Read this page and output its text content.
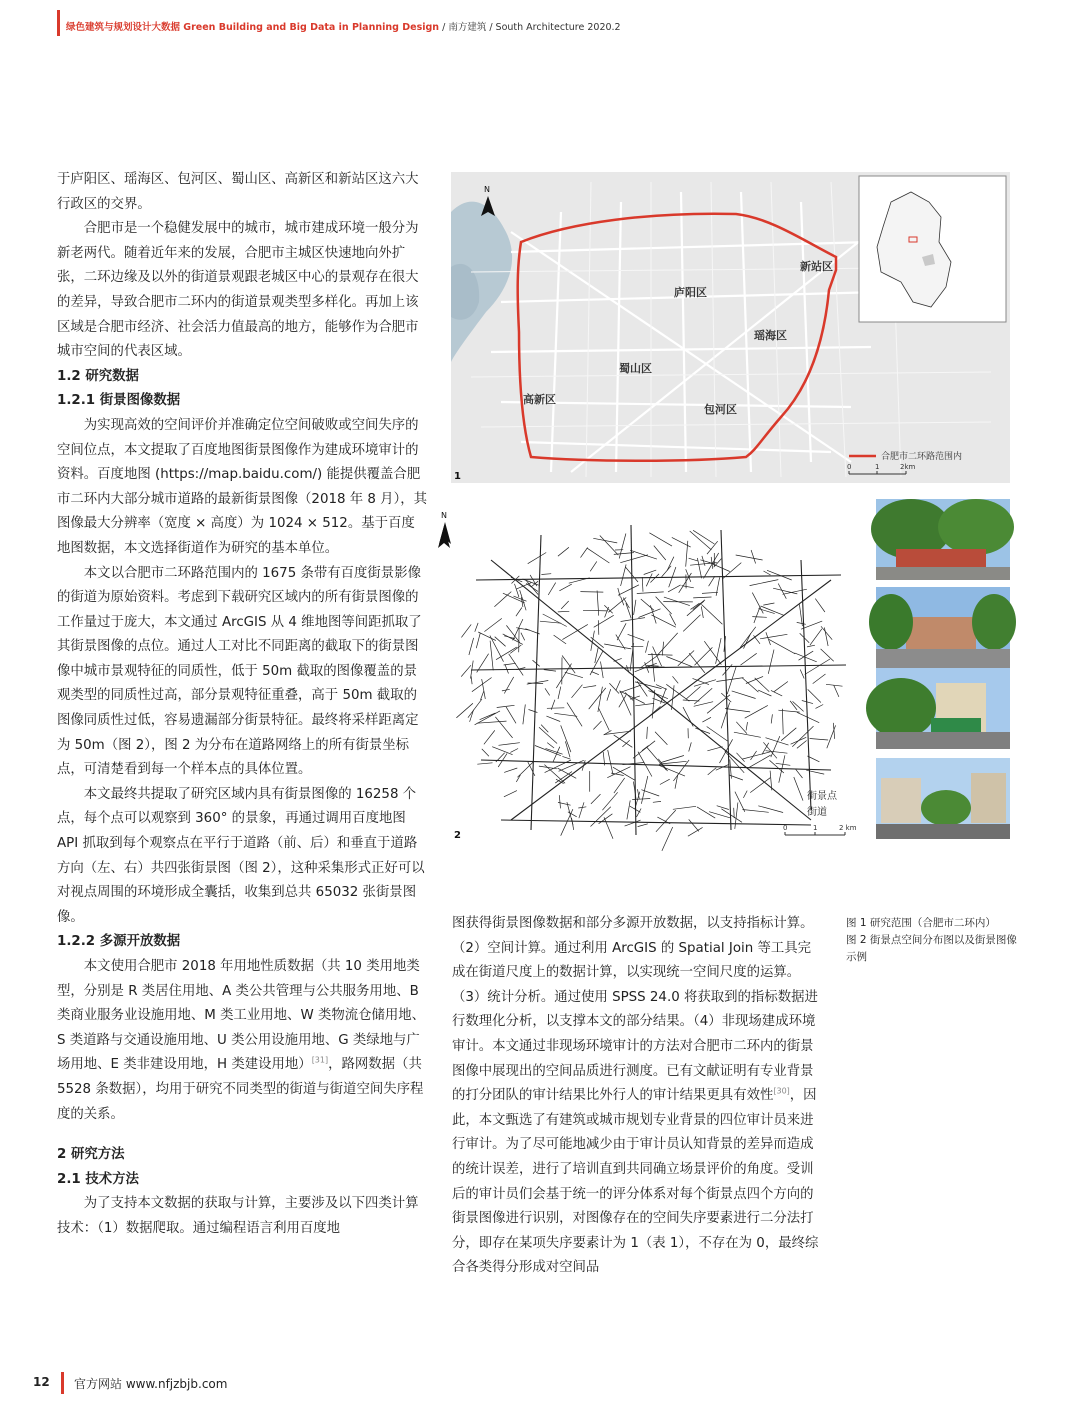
绿色建筑与规划设计大数据 Green Building and Big Data in Planning Design / 南方建筑 / South Architecture 2020.2

于庐阳区、瑶海区、包河区、蜀山区、高新区和新站区这六大行政区的交界。

合肥市是一个稳健发展中的城市，城市建成环境一般分为新老两代。随着近年来的发展，合肥市主城区快速地向外扩张，二环边缘及以外的街道景观跟老城区中心的景观存在很大的差异，导致合肥市二环内的街道景观类型多样化。再加上该区域是合肥市经济、社会活力值最高的地方，能够作为合肥市城市空间的代表区域。

1.2 研究数据

1.2.1 街景图像数据

为实现高效的空间评价并准确定位空间破败或空间失序的空间位点，本文提取了百度地图街景图像作为建成环境审计的资料。百度地图 (https://map.baidu.com/) 能提供覆盖合肥市二环内大部分城市道路的最新街景图像（2018 年 8 月），其图像最大分辨率（宽度 × 高度）为 1024 × 512。基于百度地图数据，本文选择街道作为研究的基本单位。

本文以合肥市二环路范围内的 1675 条带有百度街景影像的街道为原始资料。考虑到下载研究区域内的所有街景图像的工作量过于庞大，本文通过 ArcGIS 从 4 维地图等间距抓取了其街景图像的点位。通过人工对比不同距离的截取下的街景图像中城市景观特征的同质性，低于 50m 截取的图像覆盖的景观类型的同质性过高，部分景观特征重叠，高于 50m 截取的图像同质性过低，容易遗漏部分街景特征。最终将采样距离定为 50m（图 2），图 2 为分布在道路网络上的所有街景坐标点，可清楚看到每一个样本点的具体位置。

本文最终共提取了研究区域内具有街景图像的 16258 个点，每个点可以观察到 360° 的景象，再通过调用百度地图 API 抓取到每个观察点在平行于道路（前、后）和垂直于道路方向（左、右）共四张街景图（图 2），这种采集形式正好可以对视点周围的环境形成全囊括，收集到总共 65032 张街景图像。

1.2.2 多源开放数据

本文使用合肥市 2018 年用地性质数据（共 10 类用地类型，分别是 R 类居住用地、A 类公共管理与公共服务用地、B 类商业服务业设施用地、M 类工业用地、W 类物流仓储用地、S 类道路与交通设施用地、U 类公用设施用地、G 类绿地与广场用地、E 类非建设用地，H 类建设用地）[31]，路网数据（共 5528 条数据），均用于研究不同类型的街道与街道空间失序程度的关系。

2 研究方法

2.1 技术方法

为了支持本文数据的获取与计算，主要涉及以下四类计算技术：（1）数据爬取。通过编程语言利用百度地

图获得街景图像数据和部分多源开放数据，以支持指标计算。（2）空间计算。通过利用 ArcGIS 的 Spatial Join 等工具完成在街道尺度上的数据计算，以实现统一空间尺度的运算。（3）统计分析。通过使用 SPSS 24.0 将获取到的指标数据进行数理化分析，以支撑本文的部分结果。（4）非现场建成环境审计。本文通过非现场环境审计的方法对合肥市二环内的街景图像中展现出的空间品质进行测度。已有文献证明有专业背景的打分团队的审计结果比外行人的审计结果更具有效性[30]，因此，本文甄选了有建筑或城市规划专业背景的四位审计员来进行审计。为了尽可能地减少由于审计员认知背景的差异而造成的统计误差，进行了培训直到共同确立场景评价的角度。受训后的审计员们会基于统一的评分体系对每个街景点四个方向的街景图像进行识别，对图像存在的空间失序要素进行二分法打分，即存在某项失序要素计为 1（表 1），不存在为 0，最终综合各类得分形成对空间品

N
庐阳区
瑶海区
蜀山区
高新区
包河区
新站区
合肥市二环路范围内
0	1	2km
1
N
街景点
街道
0	1	2 km
2
图 1 研究范围（合肥市二环内）
图 2 街景点空间分布图以及街景图像示例
12 官方网站 www.nfjzbjb.com
